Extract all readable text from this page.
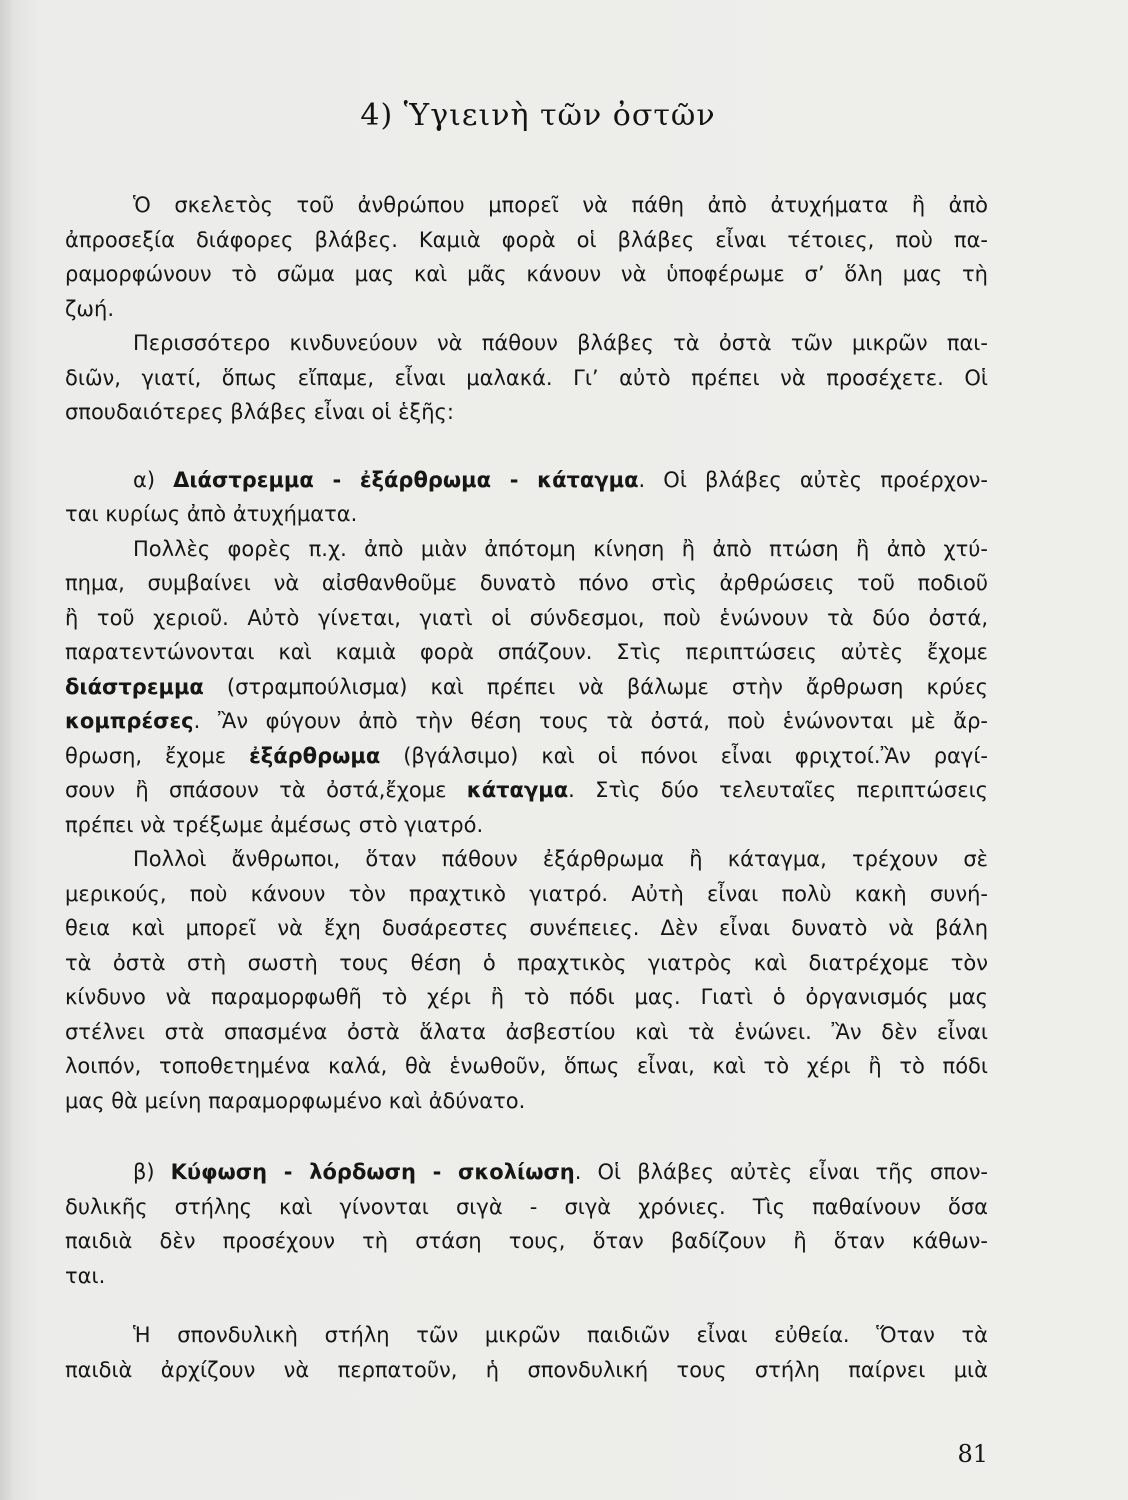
4) Ὑγιεινὴ τῶν ὀστῶν
Ὁ σκελετὸς τοῦ ἀνθρώπου μπορεῖ νὰ πάθη ἀπὸ ἀτυχήματα ἢ ἀπὸ
ἀπροσεξία διάφορες βλάβες. Καμιὰ φορὰ οἱ βλάβες εἶναι τέτοιες, ποὺ πα-
ραμορφώνουν τὸ σῶμα μας καὶ μᾶς κάνουν νὰ ὑποφέρωμε σ’ ὅλη μας τὴ
ζωή.
Περισσότερο κινδυνεύουν νὰ πάθουν βλάβες τὰ ὀστὰ τῶν μικρῶν παι-
διῶν, γιατί, ὅπως εἴπαμε, εἶναι μαλακά. Γι’ αὐτὸ πρέπει νὰ προσέχετε. Οἱ
σπουδαιότερες βλάβες εἶναι οἱ ἑξῆς:
α) Διάστρεμμα - ἐξάρθρωμα - κάταγμα. Οἱ βλάβες αὐτὲς προέρχον-
ται κυρίως ἀπὸ ἀτυχήματα.
Πολλὲς φορὲς π.χ. ἀπὸ μιὰν ἀπότομη κίνηση ἢ ἀπὸ πτώση ἢ ἀπὸ χτύ-
πημα, συμβαίνει νὰ αἰσθανθοῦμε δυνατὸ πόνο στὶς ἀρθρώσεις τοῦ ποδιοῦ
ἢ τοῦ χεριοῦ. Αὐτὸ γίνεται, γιατὶ οἱ σύνδεσμοι, ποὺ ἑνώνουν τὰ δύο ὀστά,
παρατεντώνονται καὶ καμιὰ φορὰ σπάζουν. Στὶς περιπτώσεις αὐτὲς ἔχομε
διάστρεμμα (στραμπούλισμα) καὶ πρέπει νὰ βάλωμε στὴν ἄρθρωση κρύες
κομπρέσες. Ἂν φύγουν ἀπὸ τὴν θέση τους τὰ ὀστά, ποὺ ἑνώνονται μὲ ἄρ-
θρωση, ἔχομε ἐξάρθρωμα (βγάλσιμο) καὶ οἱ πόνοι εἶναι φριχτοί.Ἂν ραγί-
σουν ἢ σπάσουν τὰ ὀστά,ἔχομε κάταγμα. Στὶς δύο τελευταῖες περιπτώσεις
πρέπει νὰ τρέξωμε ἀμέσως στὸ γιατρό.
Πολλοὶ ἄνθρωποι, ὅταν πάθουν ἐξάρθρωμα ἢ κάταγμα, τρέχουν σὲ
μερικούς, ποὺ κάνουν τὸν πραχτικὸ γιατρό. Αὐτὴ εἶναι πολὺ κακὴ συνή-
θεια καὶ μπορεῖ νὰ ἔχη δυσάρεστες συνέπειες. Δὲν εἶναι δυνατὸ νὰ βάλη
τὰ ὀστὰ στὴ σωστὴ τους θέση ὁ πραχτικὸς γιατρὸς καὶ διατρέχομε τὸν
κίνδυνο νὰ παραμορφωθῆ τὸ χέρι ἢ τὸ πόδι μας. Γιατὶ ὁ ὀργανισμός μας
στέλνει στὰ σπασμένα ὀστὰ ἅλατα ἀσβεστίου καὶ τὰ ἑνώνει. Ἂν δὲν εἶναι
λοιπόν, τοποθετημένα καλά, θὰ ἑνωθοῦν, ὅπως εἶναι, καὶ τὸ χέρι ἢ τὸ πόδι
μας θὰ μείνη παραμορφωμένο καὶ ἀδύνατο.
β) Κύφωση - λόρδωση - σκολίωση. Οἱ βλάβες αὐτὲς εἶναι τῆς σπον-
δυλικῆς στήλης καὶ γίνονται σιγὰ - σιγὰ χρόνιες. Τὶς παθαίνουν ὅσα
παιδιὰ δὲν προσέχουν τὴ στάση τους, ὅταν βαδίζουν ἢ ὅταν κάθων-
ται.
Ἡ σπονδυλικὴ στήλη τῶν μικρῶν παιδιῶν εἶναι εὐθεία. Ὅταν τὰ
παιδιὰ ἀρχίζουν νὰ περπατοῦν, ἡ σπονδυλική τους στήλη παίρνει μιὰ
81
